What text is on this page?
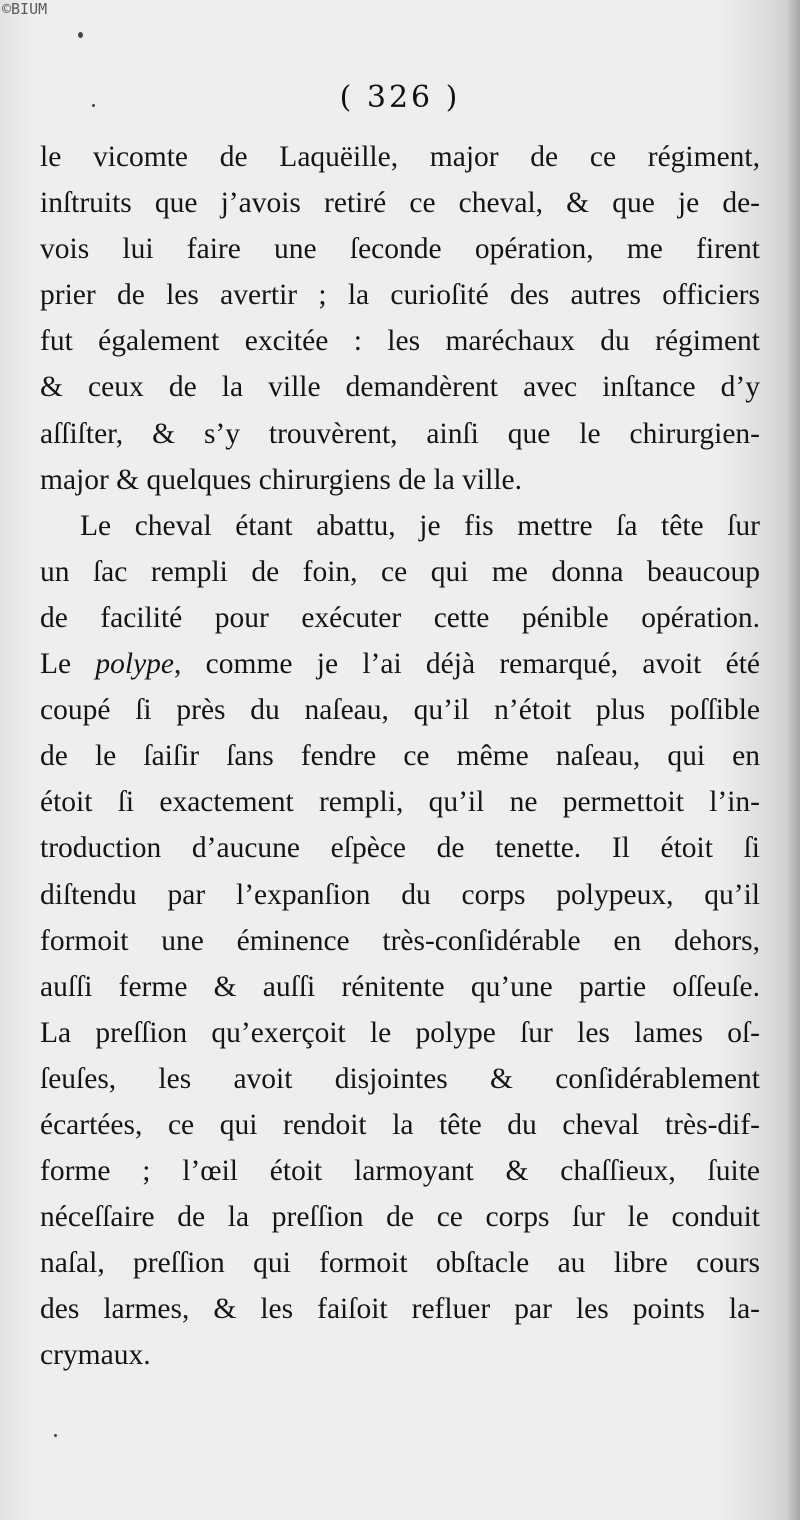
©BIUM
( 326 )
le vicomte de Laquëille, major de ce régiment,
inſtruits que j’avois retiré ce cheval, & que je de-
vois lui faire une ſeconde opération, me firent
prier de les avertir ; la curioſité des autres officiers
fut également excitée : les maréchaux du régiment
& ceux de la ville demandèrent avec inſtance d’y
aſſiſter, & s’y trouvèrent, ainſi que le chirurgien-
major & quelques chirurgiens de la ville.
Le cheval étant abattu, je fis mettre ſa tête ſur
un ſac rempli de foin, ce qui me donna beaucoup
de facilité pour exécuter cette pénible opération.
Le polype, comme je l’ai déjà remarqué, avoit été
coupé ſi près du naſeau, qu’il n’étoit plus poſſible
de le ſaiſir ſans fendre ce même naſeau, qui en
étoit ſi exactement rempli, qu’il ne permettoit l’in-
troduction d’aucune eſpèce de tenette. Il étoit ſi
diſtendu par l’expanſion du corps polypeux, qu’il
formoit une éminence très-conſidérable en dehors,
auſſi ferme & auſſi rénitente qu’une partie oſſeuſe.
La preſſion qu’exerçoit le polype ſur les lames oſ-
ſeuſes, les avoit disjointes & conſidérablement
écartées, ce qui rendoit la tête du cheval très-dif-
forme ; l’œil étoit larmoyant & chaſſieux, ſuite
néceſſaire de la preſſion de ce corps ſur le conduit
naſal, preſſion qui formoit obſtacle au libre cours
des larmes, & les faiſoit refluer par les points la-
crymaux.
